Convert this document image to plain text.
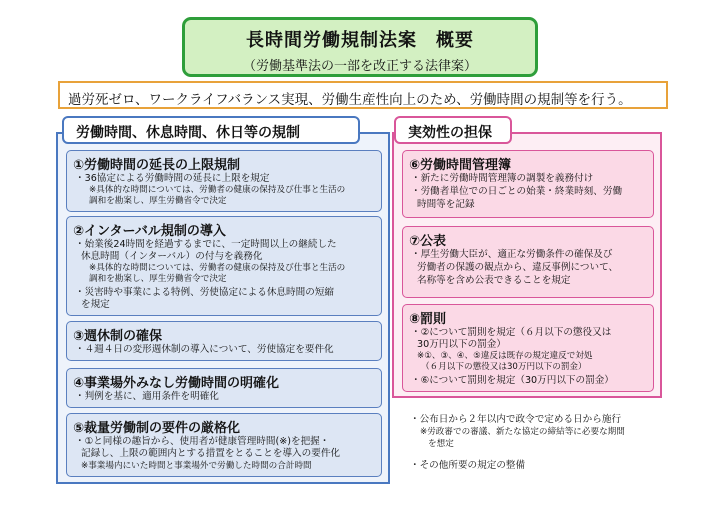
長時間労働規制法案　概要
（労働基準法の一部を改正する法律案）
過労死ゼロ、ワークライフバランス実現、労働生産性向上のため、労働時間の規制等を行う。
労働時間、休息時間、休日等の規制
①労働時間の延長の上限規制
・36協定による労働時間の延長に上限を規定
※具体的な時間については、労働者の健康の保持及び仕事と生活の
調和を勘案し、厚生労働省令で決定
②インターバル規制の導入
・始業後24時間を経過するまでに、一定時間以上の継続した
休息時間（インターバル）の付与を義務化
※具体的な時間については、労働者の健康の保持及び仕事と生活の
調和を勘案し、厚生労働省令で決定
・災害時や事業による特例、労使協定による休息時間の短縮
を規定
③週休制の確保
・４週４日の変形週休制の導入について、労使協定を要件化
④事業場外みなし労働時間の明確化
・判例を基に、適用条件を明確化
⑤裁量労働制の要件の厳格化
・①と同様の趣旨から、使用者が健康管理時間(※)を把握・
記録し、上限の範囲内とする措置をとることを導入の要件化
※事業場内にいた時間と事業場外で労働した時間の合計時間
実効性の担保
⑥労働時間管理簿
・新たに労働時間管理簿の調製を義務付け
・労働者単位での日ごとの始業・終業時刻、労働
時間等を記録
⑦公表
・厚生労働大臣が、適正な労働条件の確保及び
労働者の保護の観点から、違反事例について、
名称等を含め公表できることを規定
⑧罰則
・②について罰則を規定（６月以下の懲役又は
30万円以下の罰金）
※①、③、④、⑤違反は既存の規定違反で対処
（６月以下の懲役又は30万円以下の罰金）
・⑥について罰則を規定（30万円以下の罰金）
・公布日から２年以内で政令で定める日から施行
※労政審での審議、新たな協定の締結等に必要な期間
を想定
・その他所要の規定の整備
